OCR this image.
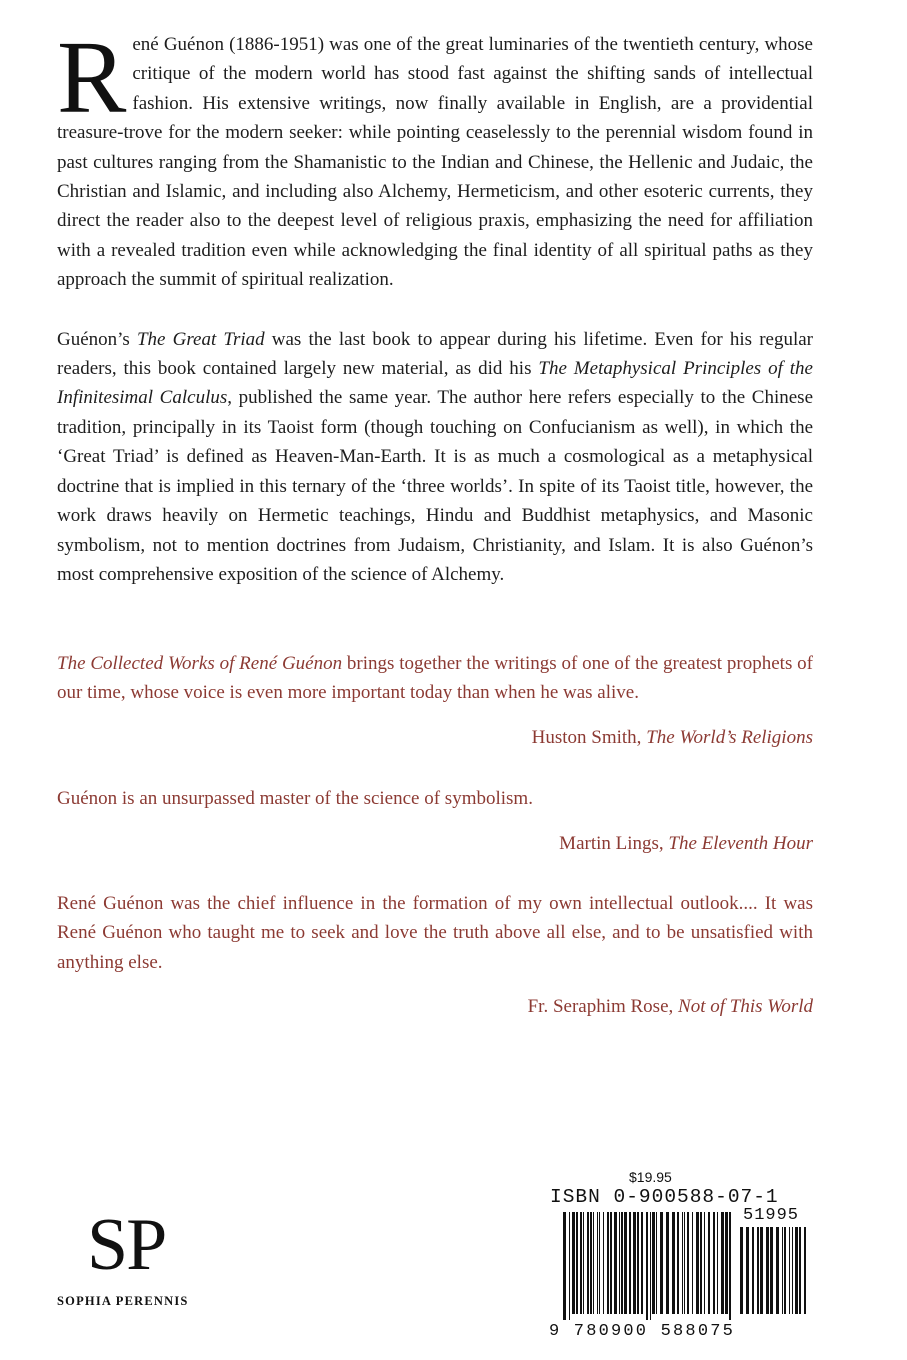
René Guénon (1886-1951) was one of the great luminaries of the twentieth century, whose critique of the modern world has stood fast against the shifting sands of intellectual fashion. His extensive writings, now finally available in English, are a providential treasure-trove for the modern seeker: while pointing ceaselessly to the perennial wisdom found in past cultures ranging from the Shamanistic to the Indian and Chinese, the Hellenic and Judaic, the Christian and Islamic, and including also Alchemy, Hermeticism, and other esoteric currents, they direct the reader also to the deepest level of religious praxis, emphasizing the need for affiliation with a revealed tradition even while acknowledging the final identity of all spiritual paths as they approach the summit of spiritual realization.

Guénon’s The Great Triad was the last book to appear during his lifetime. Even for his regular readers, this book contained largely new material, as did his The Metaphysical Principles of the Infinitesimal Calculus, published the same year. The author here refers especially to the Chinese tradition, principally in its Taoist form (though touching on Confucianism as well), in which the ‘Great Triad’ is defined as Heaven-Man-Earth. It is as much a cosmological as a metaphysical doctrine that is implied in this ternary of the ‘three worlds’. In spite of its Taoist title, however, the work draws heavily on Hermetic teachings, Hindu and Buddhist metaphysics, and Masonic symbolism, not to mention doctrines from Judaism, Christianity, and Islam. It is also Guénon’s most comprehensive exposition of the science of Alchemy.

The Collected Works of René Guénon brings together the writings of one of the greatest prophets of our time, whose voice is even more important today than when he was alive.

Huston Smith, The World’s Religions

Guénon is an unsurpassed master of the science of symbolism.

Martin Lings, The Eleventh Hour

René Guénon was the chief influence in the formation of my own intellectual outlook.... It was René Guénon who taught me to seek and love the truth above all else, and to be unsatisfied with anything else.

Fr. Seraphim Rose, Not of This World

SP
SOPHIA PERENNIS
$19.95
ISBN 0-900588-07-1
51995
9 780900 588075
